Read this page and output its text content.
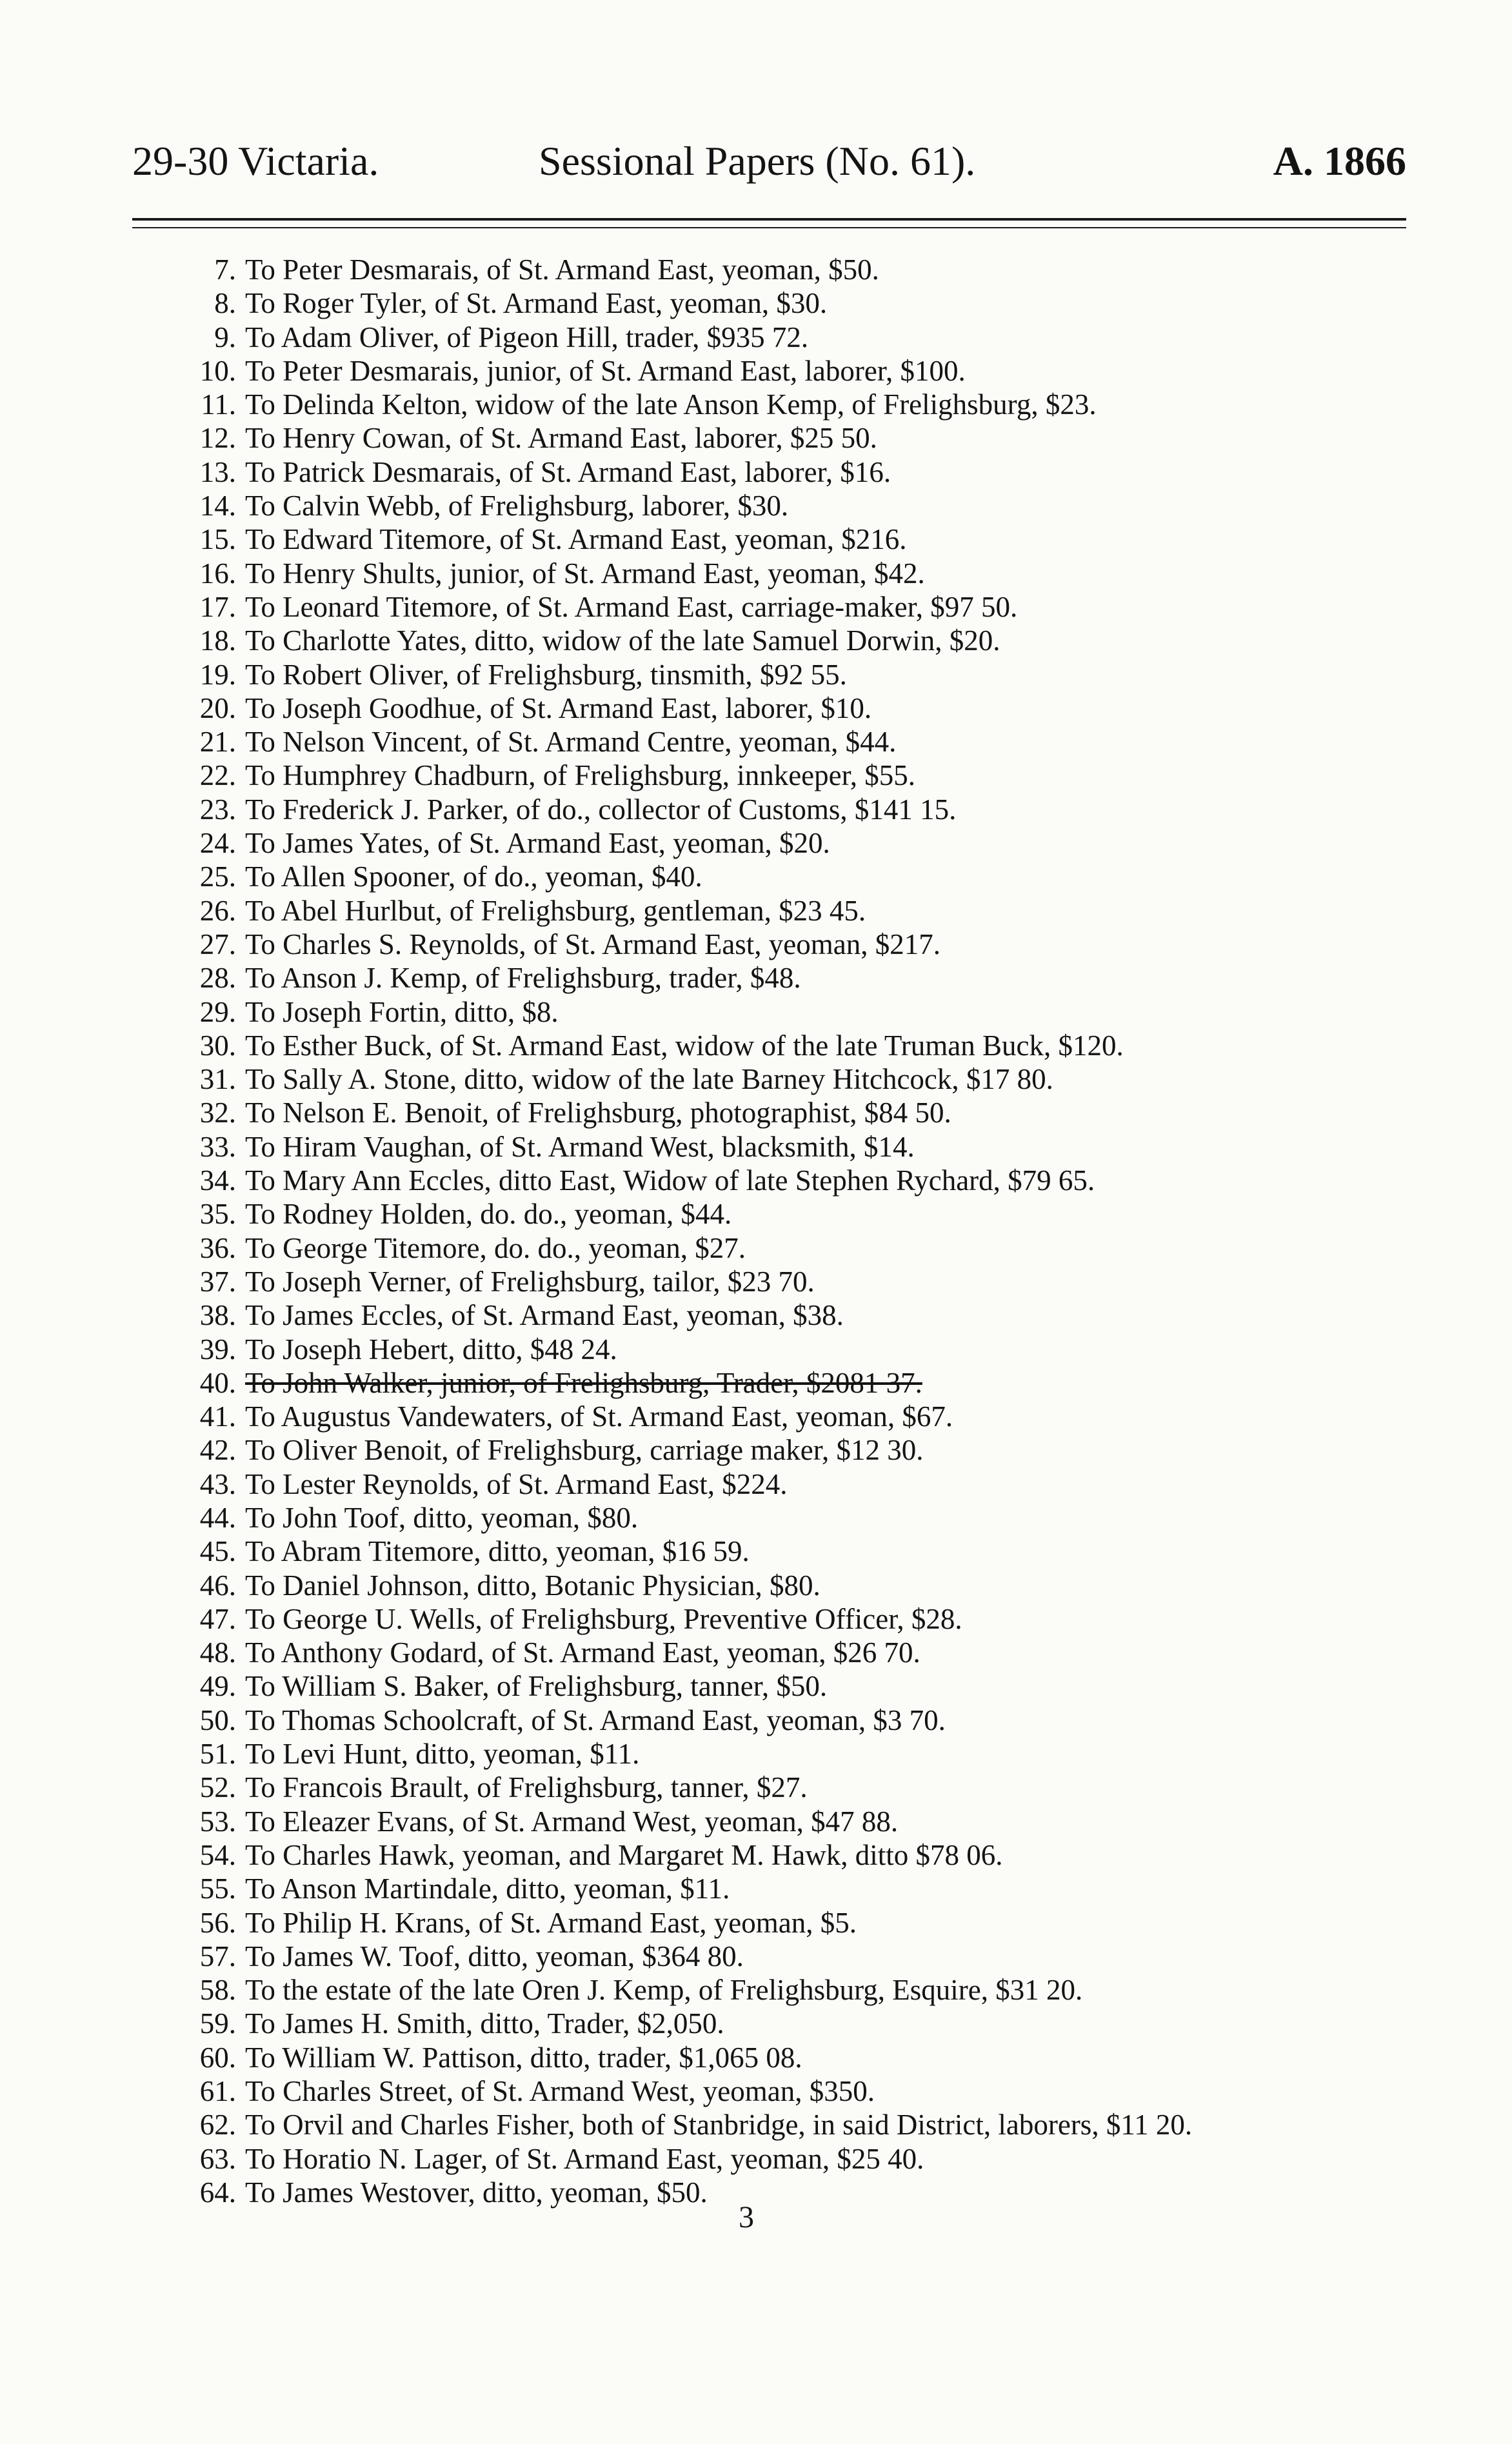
29-30 Victaria.	Sessional Papers (No. 61).	A. 1866
7. To Peter Desmarais, of St. Armand East, yeoman, $50.
8. To Roger Tyler, of St. Armand East, yeoman, $30.
9. To Adam Oliver, of Pigeon Hill, trader, $935 72.
10. To Peter Desmarais, junior, of St. Armand East, laborer, $100.
11. To Delinda Kelton, widow of the late Anson Kemp, of Frelighsburg, $23.
12. To Henry Cowan, of St. Armand East, laborer, $25 50.
13. To Patrick Desmarais, of St. Armand East, laborer, $16.
14. To Calvin Webb, of Frelighsburg, laborer, $30.
15. To Edward Titemore, of St. Armand East, yeoman, $216.
16. To Henry Shults, junior, of St. Armand East, yeoman, $42.
17. To Leonard Titemore, of St. Armand East, carriage-maker, $97 50.
18. To Charlotte Yates, ditto, widow of the late Samuel Dorwin, $20.
19. To Robert Oliver, of Frelighsburg, tinsmith, $92 55.
20. To Joseph Goodhue, of St. Armand East, laborer, $10.
21. To Nelson Vincent, of St. Armand Centre, yeoman, $44.
22. To Humphrey Chadburn, of Frelighsburg, innkeeper, $55.
23. To Frederick J. Parker, of do., collector of Customs, $141 15.
24. To James Yates, of St. Armand East, yeoman, $20.
25. To Allen Spooner, of do., yeoman, $40.
26. To Abel Hurlbut, of Frelighsburg, gentleman, $23 45.
27. To Charles S. Reynolds, of St. Armand East, yeoman, $217.
28. To Anson J. Kemp, of Frelighsburg, trader, $48.
29. To Joseph Fortin, ditto, $8.
30. To Esther Buck, of St. Armand East, widow of the late Truman Buck, $120.
31. To Sally A. Stone, ditto, widow of the late Barney Hitchcock, $17 80.
32. To Nelson E. Benoit, of Frelighsburg, photographist, $84 50.
33. To Hiram Vaughan, of St. Armand West, blacksmith, $14.
34. To Mary Ann Eccles, ditto East, Widow of late Stephen Rychard, $79 65.
35. To Rodney Holden, do. do., yeoman, $44.
36. To George Titemore, do. do., yeoman, $27.
37. To Joseph Verner, of Frelighsburg, tailor, $23 70.
38. To James Eccles, of St. Armand East, yeoman, $38.
39. To Joseph Hebert, ditto, $48 24.
40. To John Walker, junior, of Frelighsburg, Trader, $2081 37.
41. To Augustus Vandewaters, of St. Armand East, yeoman, $67.
42. To Oliver Benoit, of Frelighsburg, carriage maker, $12 30.
43. To Lester Reynolds, of St. Armand East, $224.
44. To John Toof, ditto, yeoman, $80.
45. To Abram Titemore, ditto, yeoman, $16 59.
46. To Daniel Johnson, ditto, Botanic Physician, $80.
47. To George U. Wells, of Frelighsburg, Preventive Officer, $28.
48. To Anthony Godard, of St. Armand East, yeoman, $26 70.
49. To William S. Baker, of Frelighsburg, tanner, $50.
50. To Thomas Schoolcraft, of St. Armand East, yeoman, $3 70.
51. To Levi Hunt, ditto, yeoman, $11.
52. To Francois Brault, of Frelighsburg, tanner, $27.
53. To Eleazer Evans, of St. Armand West, yeoman, $47 88.
54. To Charles Hawk, yeoman, and Margaret M. Hawk, ditto $78 06.
55. To Anson Martindale, ditto, yeoman, $11.
56. To Philip H. Krans, of St. Armand East, yeoman, $5.
57. To James W. Toof, ditto, yeoman, $364 80.
58. To the estate of the late Oren J. Kemp, of Frelighsburg, Esquire, $31 20.
59. To James H. Smith, ditto, Trader, $2,050.
60. To William W. Pattison, ditto, trader, $1,065 08.
61. To Charles Street, of St. Armand West, yeoman, $350.
62. To Orvil and Charles Fisher, both of Stanbridge, in said District, laborers, $11 20.
63. To Horatio N. Lager, of St. Armand East, yeoman, $25 40.
64. To James Westover, ditto, yeoman, $50.
3
